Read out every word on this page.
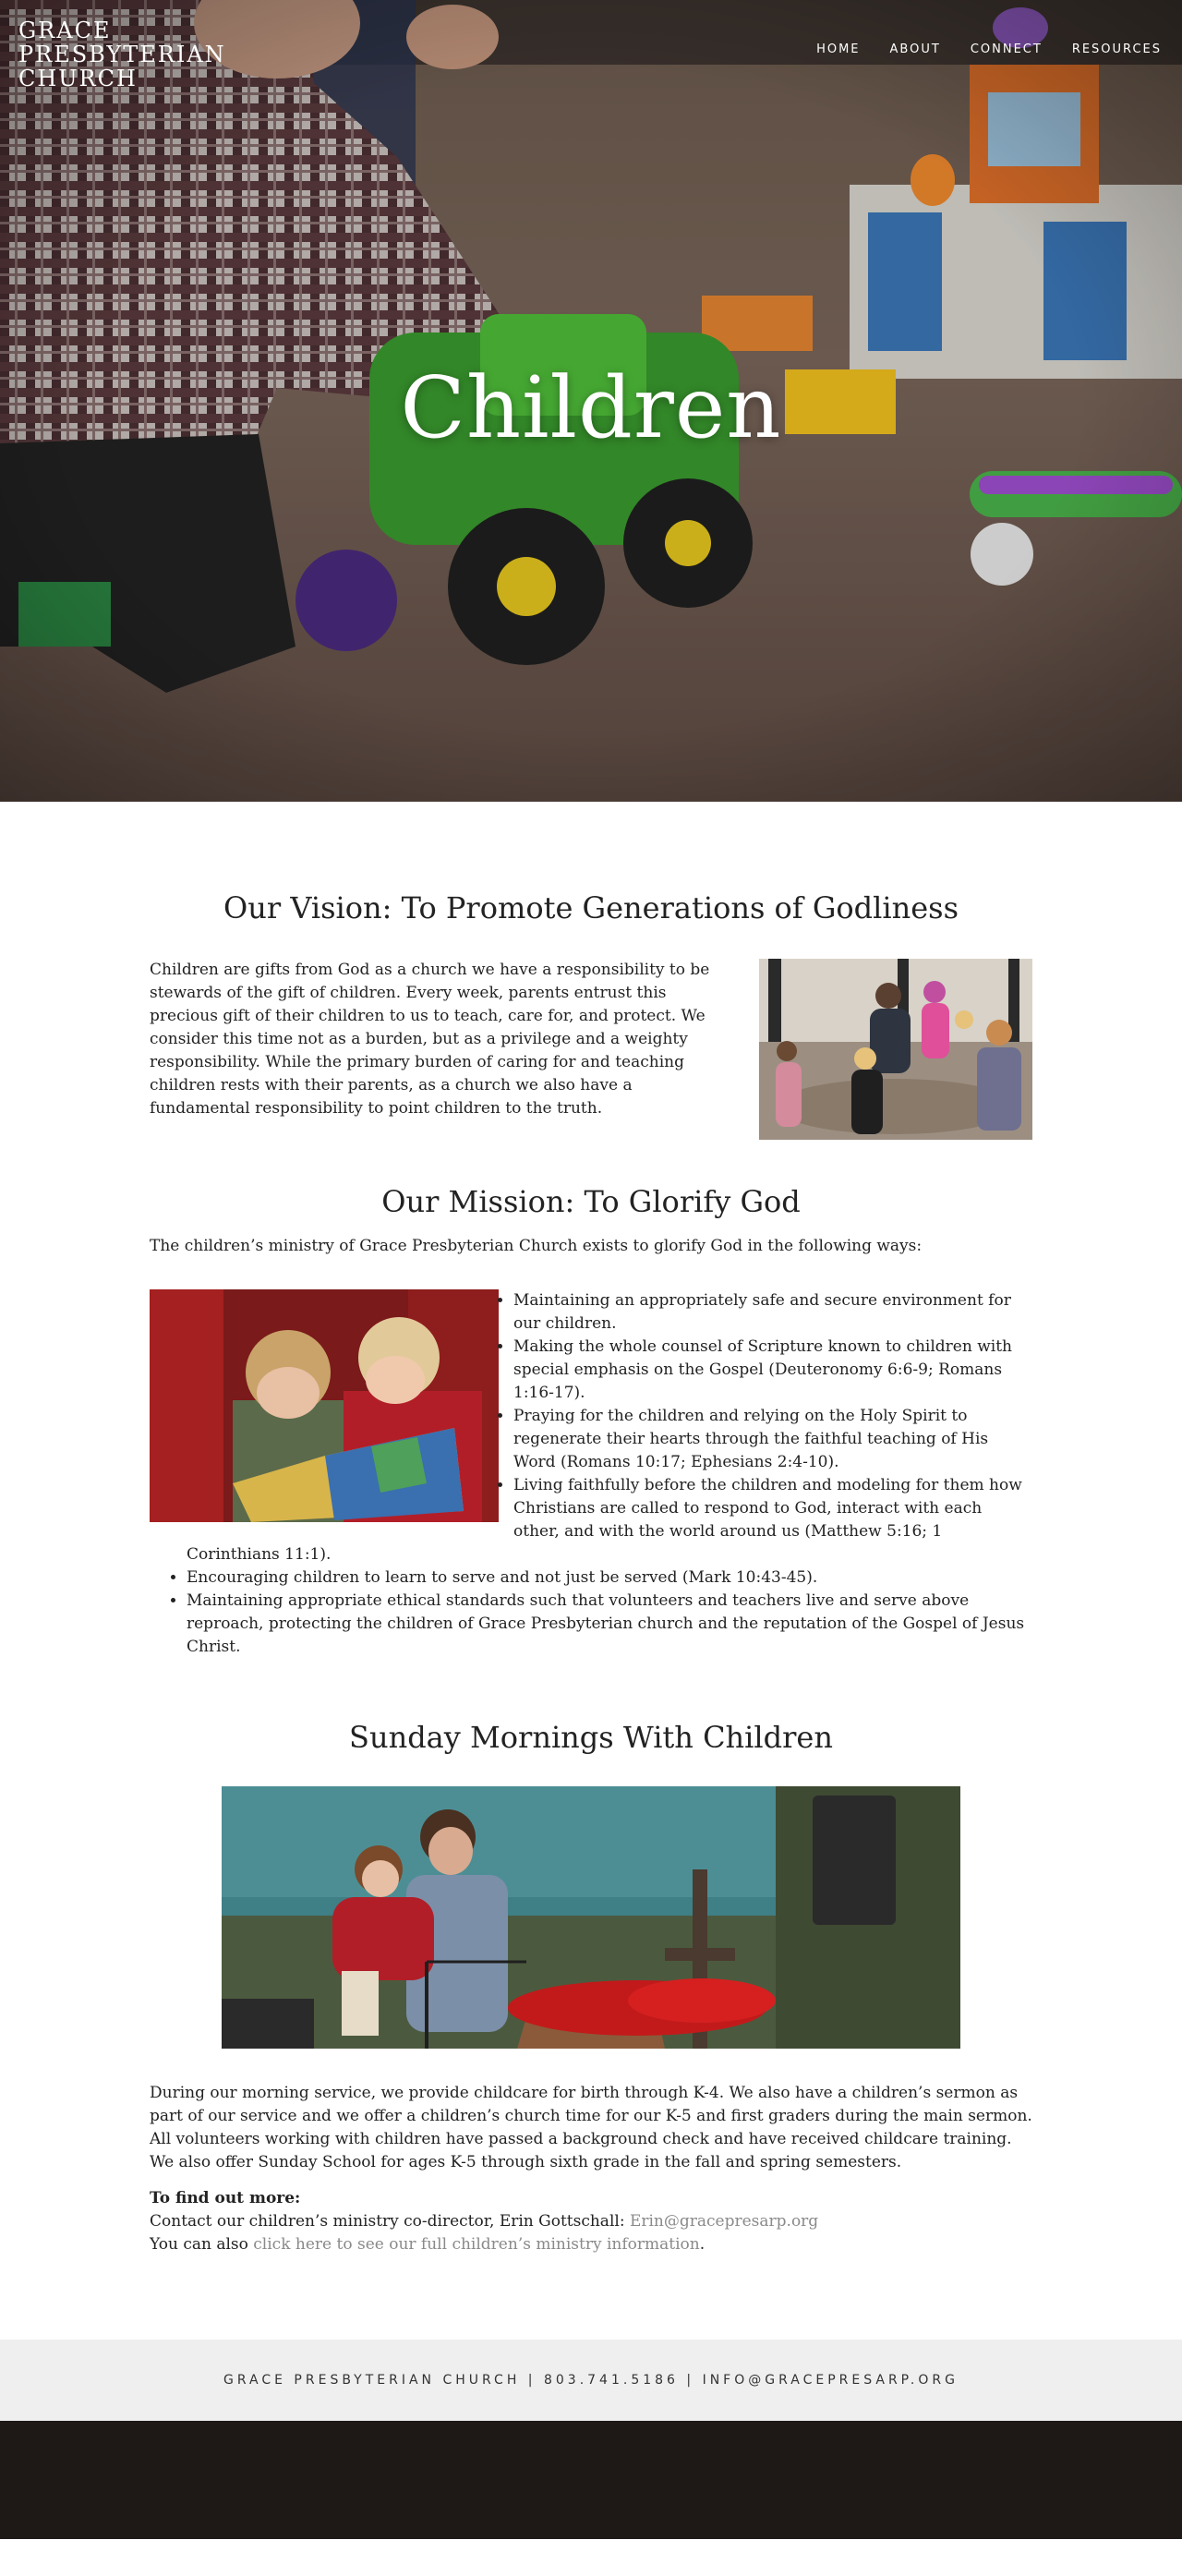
GRACE PRESBYTERIAN CHURCH
HOME ABOUT CONNECT RESOURCES
Children
Our Vision: To Promote Generations of Godliness

Children are gifts from God as a church we have a responsibility to be stewards of the gift of children. Every week, parents entrust this precious gift of their children to us to teach, care for, and protect. We consider this time not as a burden, but as a privilege and a weighty responsibility. While the primary burden of caring for and teaching children rests with their parents, as a church we also have a fundamental responsibility to point children to the truth.

Our Mission: To Glorify God

The children’s ministry of Grace Presbyterian Church exists to glorify God in the following ways:

• Maintaining an appropriately safe and secure environment for our children.
• Making the whole counsel of Scripture known to children with special emphasis on the Gospel (Deuteronomy 6:6-9; Romans 1:16-17).
• Praying for the children and relying on the Holy Spirit to regenerate their hearts through the faithful teaching of His Word (Romans 10:17; Ephesians 2:4-10).
• Living faithfully before the children and modeling for them how Christians are called to respond to God, interact with each other, and with the world around us (Matthew 5:16; 1 Corinthians 11:1).
• Encouraging children to learn to serve and not just be served (Mark 10:43-45).
• Maintaining appropriate ethical standards such that volunteers and teachers live and serve above reproach, protecting the children of Grace Presbyterian church and the reputation of the Gospel of Jesus Christ.
Sunday Mornings With Children

During our morning service, we provide childcare for birth through K-4. We also have a children’s sermon as part of our service and we offer a children’s church time for our K-5 and first graders during the main sermon. All volunteers working with children have passed a background check and have received childcare training.

We also offer Sunday School for ages K-5 through sixth grade in the fall and spring semesters.

To find out more:
Contact our children’s ministry co-director, Erin Gottschall: Erin@gracepresarp.org
You can also click here to see our full children’s ministry information.

GRACE PRESBYTERIAN CHURCH | 803.741.5186 | INFO@GRACEPRESARP.ORG
